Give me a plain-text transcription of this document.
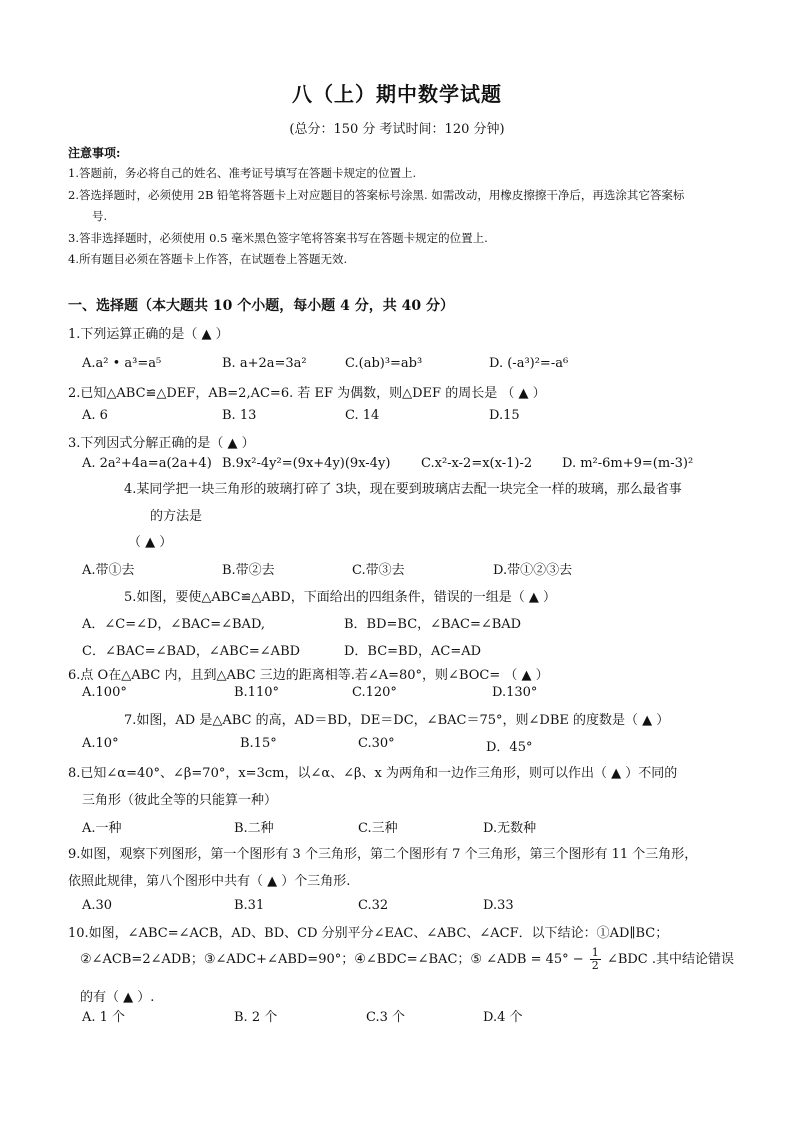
八（上）期中数学试题
(总分：150 分 考试时间：120 分钟)
注意事项:
1.答题前，务必将自己的姓名、准考证号填写在答题卡规定的位置上.
2.答选择题时，必须使用 2B 铅笔将答题卡上对应题目的答案标号涂黑. 如需改动，用橡皮擦擦干净后，再选涂其它答案标
号.
3.答非选择题时，必须使用 0.5 毫米黑色签字笔将答案书写在答题卡规定的位置上.
4.所有题目必须在答题卡上作答，在试题卷上答题无效.
一、选择题（本大题共 10 个小题，每小题 4 分，共 40 分）
1.下列运算正确的是（ ▲ ）
A.a² • a³=a⁵	B. a+2a=3a²	C.(ab)³=ab³	D. (-a³)²=-a⁶
2.已知△ABC≌△DEF，AB=2,AC=6. 若 EF 为偶数，则△DEF 的周长是 （ ▲ ）
A. 6	B. 13	C. 14	D.15
3.下列因式分解正确的是（ ▲ ）
A. 2a²+4a=a(2a+4) B.9x²-4y²=(9x+4y)(9x-4y) C.x²-x-2=x(x-1)-2 D. m²-6m+9=(m-3)²
4.某同学把一块三角形的玻璃打碎了 3块，现在要到玻璃店去配一块完全一样的玻璃，那么最省事
的方法是
（ ▲ ）
A.带①去	B.带②去	C.带③去	D.带①②③去
5.如图，要使△ABC≌△ABD，下面给出的四组条件，错误的一组是（ ▲ ）
A．∠C=∠D，∠BAC=∠BAD,	B．BD=BC，∠BAC=∠BAD
C．∠BAC=∠BAD，∠ABC=∠ABD	D．BC=BD，AC=AD
6.点 O在△ABC 内，且到△ABC 三边的距离相等.若∠A=80°，则∠BOC= （ ▲ ）
A.100°	B.110°	C.120°	D.130°
7.如图，AD 是△ABC 的高，AD＝BD，DE＝DC，∠BAC＝75°，则∠DBE 的度数是（ ▲ ）
A.10°	B.15°	C.30°	D．45°
8.已知∠α=40°、∠β=70°，x=3cm，以∠α、∠β、x 为两角和一边作三角形，则可以作出（ ▲ ）不同的
三角形（彼此全等的只能算一种）
A.一种	B.二种	C.三种	D.无数种
9.如图，观察下列图形，第一个图形有 3 个三角形，第二个图形有 7 个三角形，第三个图形有 11 个三角形，
依照此规律，第八个图形中共有（ ▲ ）个三角形.
A.30	B.31	C.32	D.33
10.如图，∠ABC=∠ACB，AD、BD、CD 分别平分∠EAC、∠ABC、∠ACF．以下结论：①AD∥BC；
②∠ACB=2∠ADB；③∠ADC+∠ABD=90°；④∠BDC=∠BAC；⑤ ∠ADB = $45^\circ - \frac{1}{2}$ ∠BDC .其中结论错误
的有（ ▲ ）.
A. 1 个	B. 2 个	C.3 个	D.4 个
